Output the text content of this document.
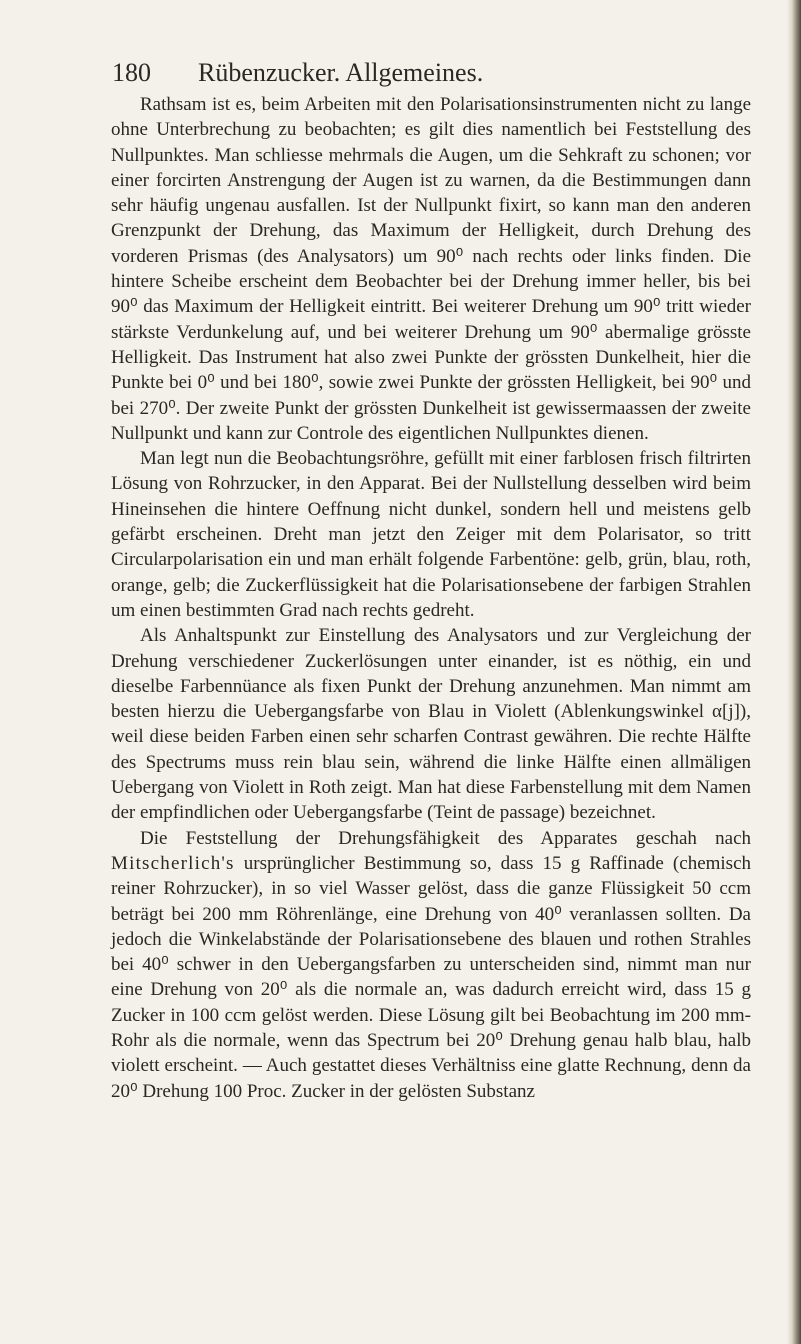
180 Rübenzucker. Allgemeines.

Rathsam ist es, beim Arbeiten mit den Polarisationsinstrumenten nicht zu lange ohne Unterbrechung zu beobachten; es gilt dies namentlich bei Feststellung des Nullpunktes. Man schliesse mehrmals die Augen, um die Sehkraft zu schonen; vor einer forcirten Anstrengung der Augen ist zu warnen, da die Bestimmungen dann sehr häufig ungenau ausfallen. Ist der Nullpunkt fixirt, so kann man den anderen Grenzpunkt der Drehung, das Maximum der Helligkeit, durch Drehung des vorderen Prismas (des Analysators) um 90⁰ nach rechts oder links finden. Die hintere Scheibe erscheint dem Beobachter bei der Drehung immer heller, bis bei 90⁰ das Maximum der Helligkeit eintritt. Bei weiterer Drehung um 90⁰ tritt wieder stärkste Verdunkelung auf, und bei weiterer Drehung um 90⁰ abermalige grösste Helligkeit. Das Instrument hat also zwei Punkte der grössten Dunkelheit, hier die Punkte bei 0⁰ und bei 180⁰, sowie zwei Punkte der grössten Helligkeit, bei 90⁰ und bei 270⁰. Der zweite Punkt der grössten Dunkelheit ist gewissermaassen der zweite Nullpunkt und kann zur Controle des eigentlichen Nullpunktes dienen.

Man legt nun die Beobachtungsröhre, gefüllt mit einer farblosen frisch filtrirten Lösung von Rohrzucker, in den Apparat. Bei der Nullstellung desselben wird beim Hineinsehen die hintere Oeffnung nicht dunkel, sondern hell und meistens gelb gefärbt erscheinen. Dreht man jetzt den Zeiger mit dem Polarisator, so tritt Circularpolarisation ein und man erhält folgende Farbentöne: gelb, grün, blau, roth, orange, gelb; die Zuckerflüssigkeit hat die Polarisationsebene der farbigen Strahlen um einen bestimmten Grad nach rechts gedreht.

Als Anhaltspunkt zur Einstellung des Analysators und zur Vergleichung der Drehung verschiedener Zuckerlösungen unter einander, ist es nöthig, ein und dieselbe Farbennüance als fixen Punkt der Drehung anzunehmen. Man nimmt am besten hierzu die Uebergangsfarbe von Blau in Violett (Ablenkungswinkel α[j]), weil diese beiden Farben einen sehr scharfen Contrast gewähren. Die rechte Hälfte des Spectrums muss rein blau sein, während die linke Hälfte einen allmäligen Uebergang von Violett in Roth zeigt. Man hat diese Farbenstellung mit dem Namen der empfindlichen oder Uebergangsfarbe (Teint de passage) bezeichnet.

Die Feststellung der Drehungsfähigkeit des Apparates geschah nach Mitscherlich's ursprünglicher Bestimmung so, dass 15 g Raffinade (chemisch reiner Rohrzucker), in so viel Wasser gelöst, dass die ganze Flüssigkeit 50 ccm beträgt bei 200 mm Röhrenlänge, eine Drehung von 40⁰ veranlassen sollten. Da jedoch die Winkelabstände der Polarisationsebene des blauen und rothen Strahles bei 40⁰ schwer in den Uebergangsfarben zu unterscheiden sind, nimmt man nur eine Drehung von 20⁰ als die normale an, was dadurch erreicht wird, dass 15 g Zucker in 100 ccm gelöst werden. Diese Lösung gilt bei Beobachtung im 200 mm-Rohr als die normale, wenn das Spectrum bei 20⁰ Drehung genau halb blau, halb violett erscheint. — Auch gestattet dieses Verhältniss eine glatte Rechnung, denn da 20⁰ Drehung 100 Proc. Zucker in der gelösten Substanz
